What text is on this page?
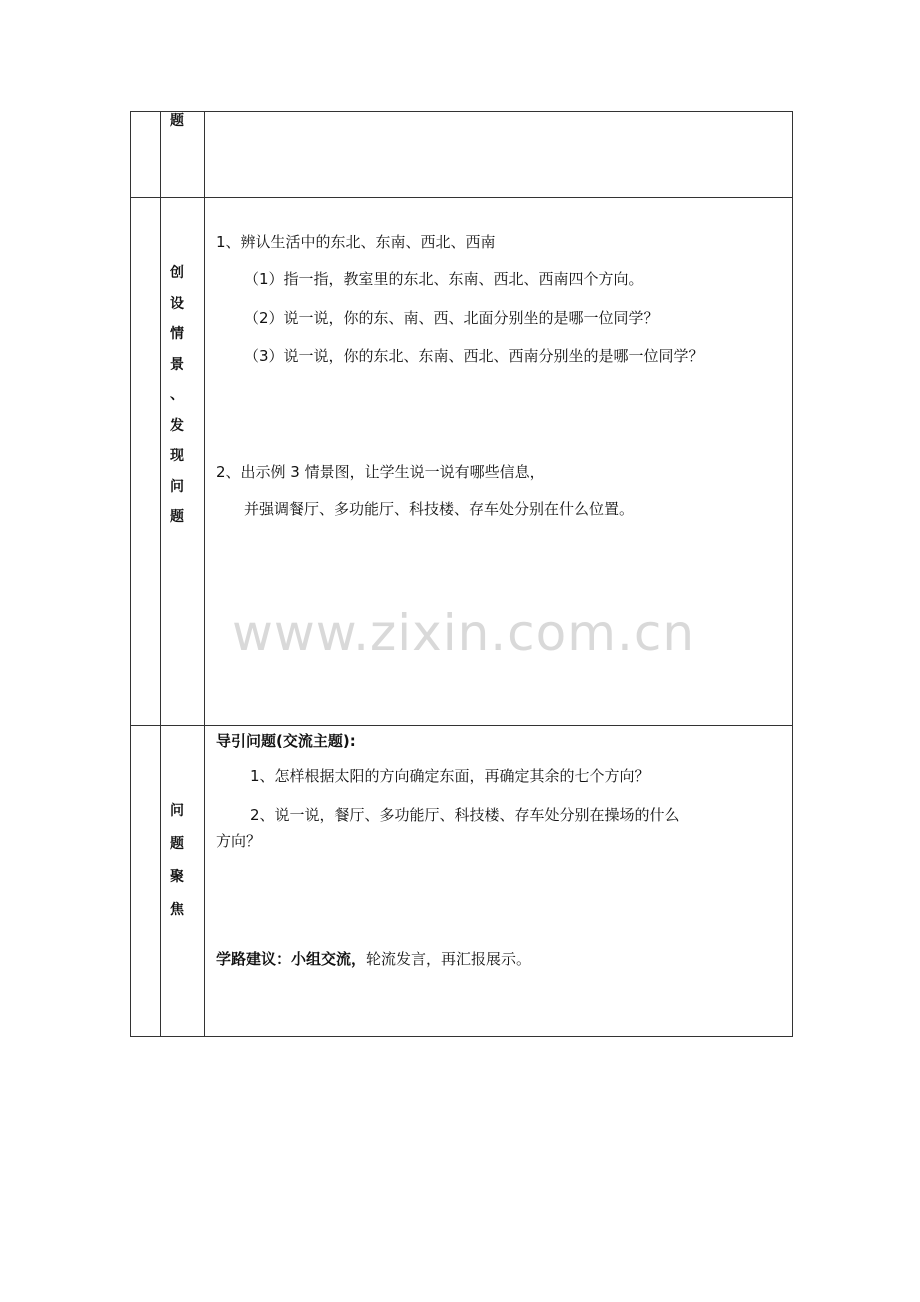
题
创
设
情
景
、
发
现
问
题
1、辨认生活中的东北、东南、西北、西南
（1）指一指，教室里的东北、东南、西北、西南四个方向。
（2）说一说，你的东、南、西、北面分别坐的是哪一位同学？
（3）说一说，你的东北、东南、西北、西南分别坐的是哪一位同学？
2、出示例 3 情景图，让学生说一说有哪些信息，
并强调餐厅、多功能厅、科技楼、存车处分别在什么位置。
www.zixin.com.cn
问
题
聚
焦
导引问题(交流主题):
1、怎样根据太阳的方向确定东面，再确定其余的七个方向？
2、说一说，餐厅、多功能厅、科技楼、存车处分别在操场的什么
方向？
学路建议：小组交流，轮流发言，再汇报展示。
